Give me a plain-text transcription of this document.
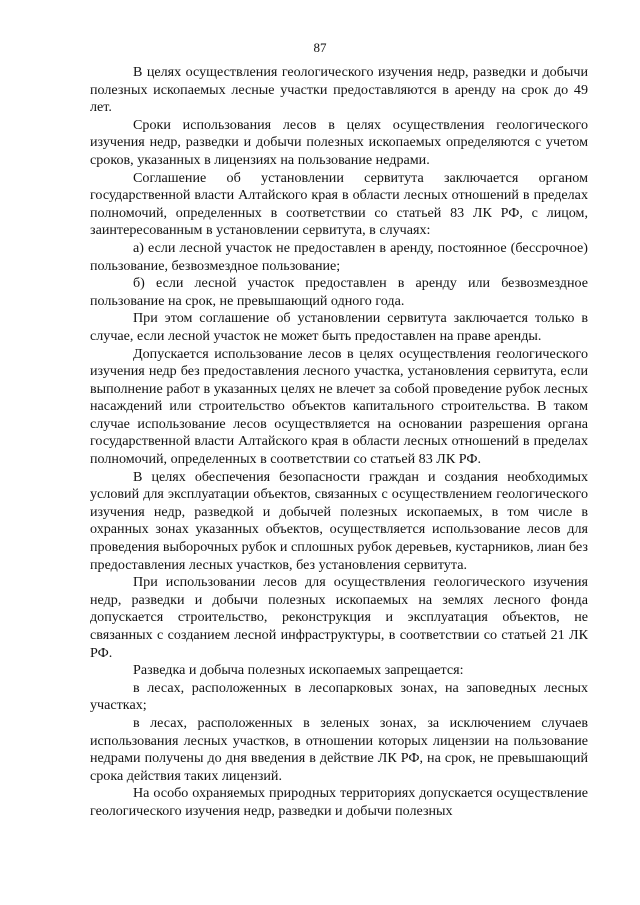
87

В целях осуществления геологического изучения недр, разведки и добычи полезных ископаемых лесные участки предоставляются в аренду на срок до 49 лет.

Сроки использования лесов в целях осуществления геологического изучения недр, разведки и добычи полезных ископаемых определяются с учетом сроков, указанных в лицензиях на пользование недрами.

Соглашение об установлении сервитута заключается органом государственной власти Алтайского края в области лесных отношений в пределах полномочий, определенных в соответствии со статьей 83 ЛК РФ, с лицом, заинтересованным в установлении сервитута, в случаях:

а) если лесной участок не предоставлен в аренду, постоянное (бессрочное) пользование, безвозмездное пользование;

б) если лесной участок предоставлен в аренду или безвозмездное пользование на срок, не превышающий одного года.

При этом соглашение об установлении сервитута заключается только в случае, если лесной участок не может быть предоставлен на праве аренды.

Допускается использование лесов в целях осуществления геологического изучения недр без предоставления лесного участка, установления сервитута, если выполнение работ в указанных целях не влечет за собой проведение рубок лесных насаждений или строительство объектов капитального строительства. В таком случае использование лесов осуществляется на основании разрешения органа государственной власти Алтайского края в области лесных отношений в пределах полномочий, определенных в соответствии со статьей 83 ЛК РФ.

В целях обеспечения безопасности граждан и создания необходимых условий для эксплуатации объектов, связанных с осуществлением геологического изучения недр, разведкой и добычей полезных ископаемых, в том числе в охранных зонах указанных объектов, осуществляется использование лесов для проведения выборочных рубок и сплошных рубок деревьев, кустарников, лиан без предоставления лесных участков, без установления сервитута.

При использовании лесов для осуществления геологического изучения недр, разведки и добычи полезных ископаемых на землях лесного фонда допускается строительство, реконструкция и эксплуатация объектов, не связанных с созданием лесной инфраструктуры, в соответствии со статьей 21 ЛК РФ.

Разведка и добыча полезных ископаемых запрещается:

в лесах, расположенных в лесопарковых зонах, на заповедных лесных участках;

в лесах, расположенных в зеленых зонах, за исключением случаев использования лесных участков, в отношении которых лицензии на пользование недрами получены до дня введения в действие ЛК РФ, на срок, не превышающий срока действия таких лицензий.

На особо охраняемых природных территориях допускается осуществление геологического изучения недр, разведки и добычи полезных
